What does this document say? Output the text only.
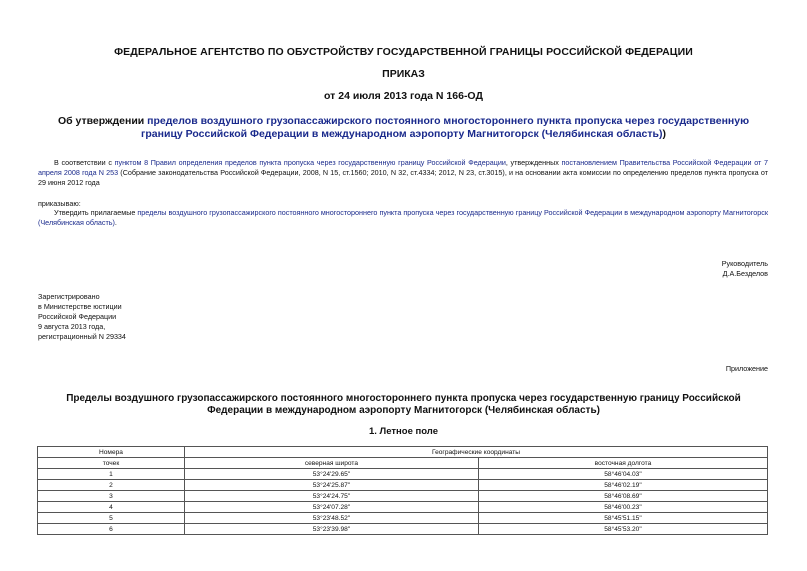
ФЕДЕРАЛЬНОЕ АГЕНТСТВО ПО ОБУСТРОЙСТВУ ГОСУДАРСТВЕННОЙ ГРАНИЦЫ РОССИЙСКОЙ ФЕДЕРАЦИИ
ПРИКАЗ
от 24 июля 2013 года N 166-ОД
Об утверждении пределов воздушного грузопассажирского постоянного многостороннего пункта пропуска через государственную границу Российской Федерации в международном аэропорту Магнитогорск (Челябинская область))
В соответствии с пунктом 8 Правил определения пределов пункта пропуска через государственную границу Российской Федерации, утвержденных постановлением Правительства Российской Федерации от 7 апреля 2008 года N 253 (Собрание законодательства Российской Федерации, 2008, N 15, ст.1560; 2010, N 32, ст.4334; 2012, N 23, ст.3015), и на основании акта комиссии по определению пределов пункта пропуска от 29 июня 2012 года
приказываю:
Утвердить прилагаемые пределы воздушного грузопассажирского постоянного многостороннего пункта пропуска через государственную границу Российской Федерации в международном аэропорту Магнитогорск (Челябинская область).
Руководитель
Д.А.Безделов
Зарегистрировано
в Министерстве юстиции
Российской Федерации
9 августа 2013 года,
регистрационный N 29334
Приложение
Пределы воздушного грузопассажирского постоянного многостороннего пункта пропуска через государственную границу Российской Федерации в международном аэропорту Магнитогорск (Челябинская область)
1. Летное поле
Номера	Географические координаты	
точек	северная широта	восточная долгота
1	53°24'29.65"	58°46'04.03"
2	53°24'25.87"	58°46'02.19"
3	53°24'24.75"	58°46'08.69"
4	53°24'07.28"	58°46'00.23"
5	53°23'48.52"	58°45'51.15"
6	53°23'39.98"	58°45'53.20"
